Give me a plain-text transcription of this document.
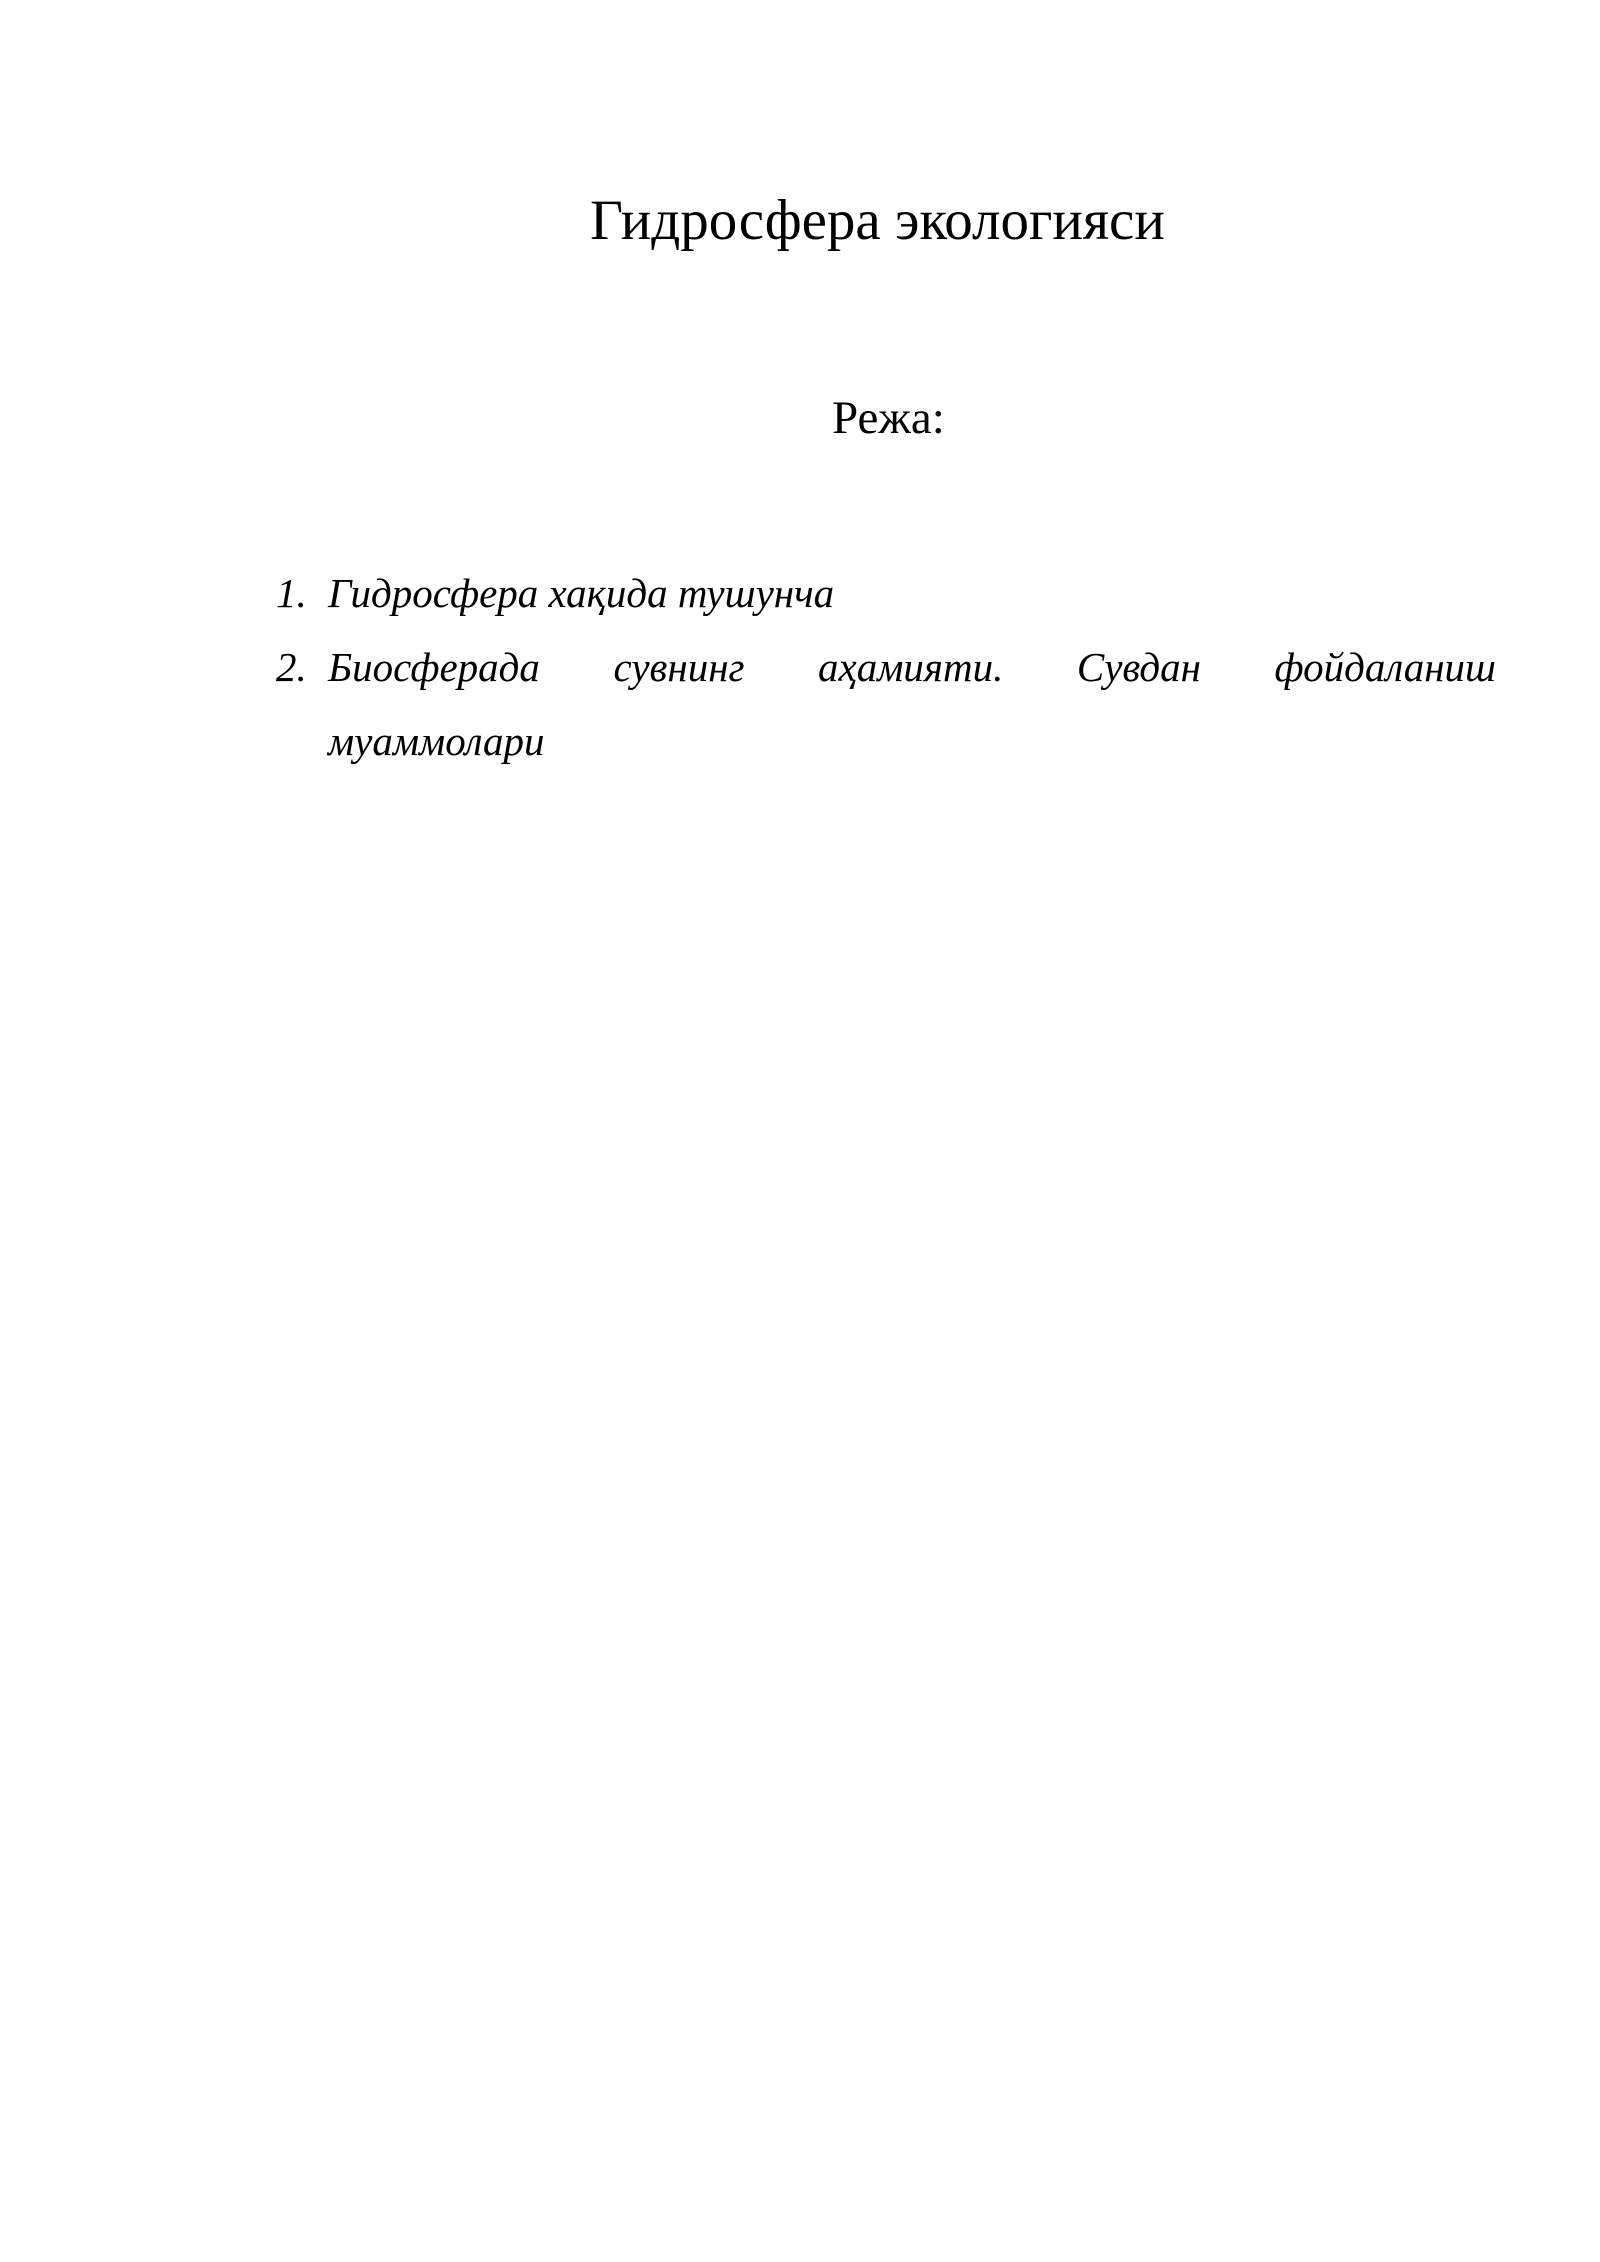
Гидросфера экологияси
Режа:
1. Гидросфера хақида тушунча
2. Биосферада сувнинг аҳамияти. Сувдан фойдаланиш
муаммолари
